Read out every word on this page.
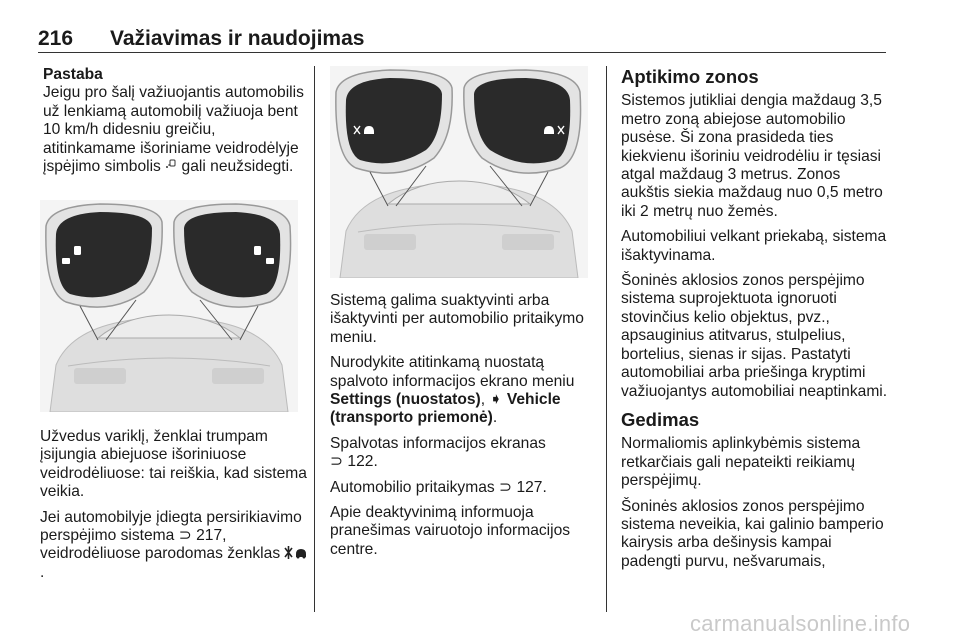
216 Važiavimas ir naudojimas
Pastaba
Jeigu pro šalį važiuojantis automobilis už lenkiamą automobilį važiuoja bent 10 km/h didesniu greičiu, atitinkamame išoriniame veidrodėlyje įspėjimo simbolis gali neužsidegti.

Užvedus variklį, ženklai trumpam įsijungia abiejuose išoriniuose veidrodėliuose: tai reiškia, kad sistema veikia.

Jei automobilyje įdiegta persirikiavimo perspėjimo sistema ⊃ 217, veidrodėliuose parodomas ženklas .

Sistemą galima suaktyvinti arba išaktyvinti per automobilio pritaikymo meniu.

Nurodykite atitinkamą nuostatą spalvoto informacijos ekrano meniu Settings (nuostatos), ➧ Vehicle (transporto priemonė).

Spalvotas informacijos ekranas
⊃ 122.

Automobilio pritaikymas ⊃ 127.

Apie deaktyvinimą informuoja pranešimas vairuotojo informacijos centre.

Aptikimo zonos

Sistemos jutikliai dengia maždaug 3,5 metro zoną abiejose automobilio pusėse. Ši zona prasideda ties kiekvienu išoriniu veidrodėliu ir tęsiasi atgal maždaug 3 metrus. Zonos aukštis siekia maždaug nuo 0,5 metro iki 2 metrų nuo žemės.

Automobiliui velkant priekabą, sistema išaktyvinama.

Šoninės aklosios zonos perspėjimo sistema suprojektuota ignoruoti stovinčius kelio objektus, pvz., apsauginius atitvarus, stulpelius, bortelius, sienas ir sijas. Pastatyti automobiliai arba priešinga kryptimi važiuojantys automobiliai neaptinkami.

Gedimas

Normaliomis aplinkybėmis sistema retkarčiais gali nepateikti reikiamų perspėjimų.

Šoninės aklosios zonos perspėjimo sistema neveikia, kai galinio bamperio kairysis arba dešinysis kampai padengti purvu, nešvarumais,

carmanualsonline.info
